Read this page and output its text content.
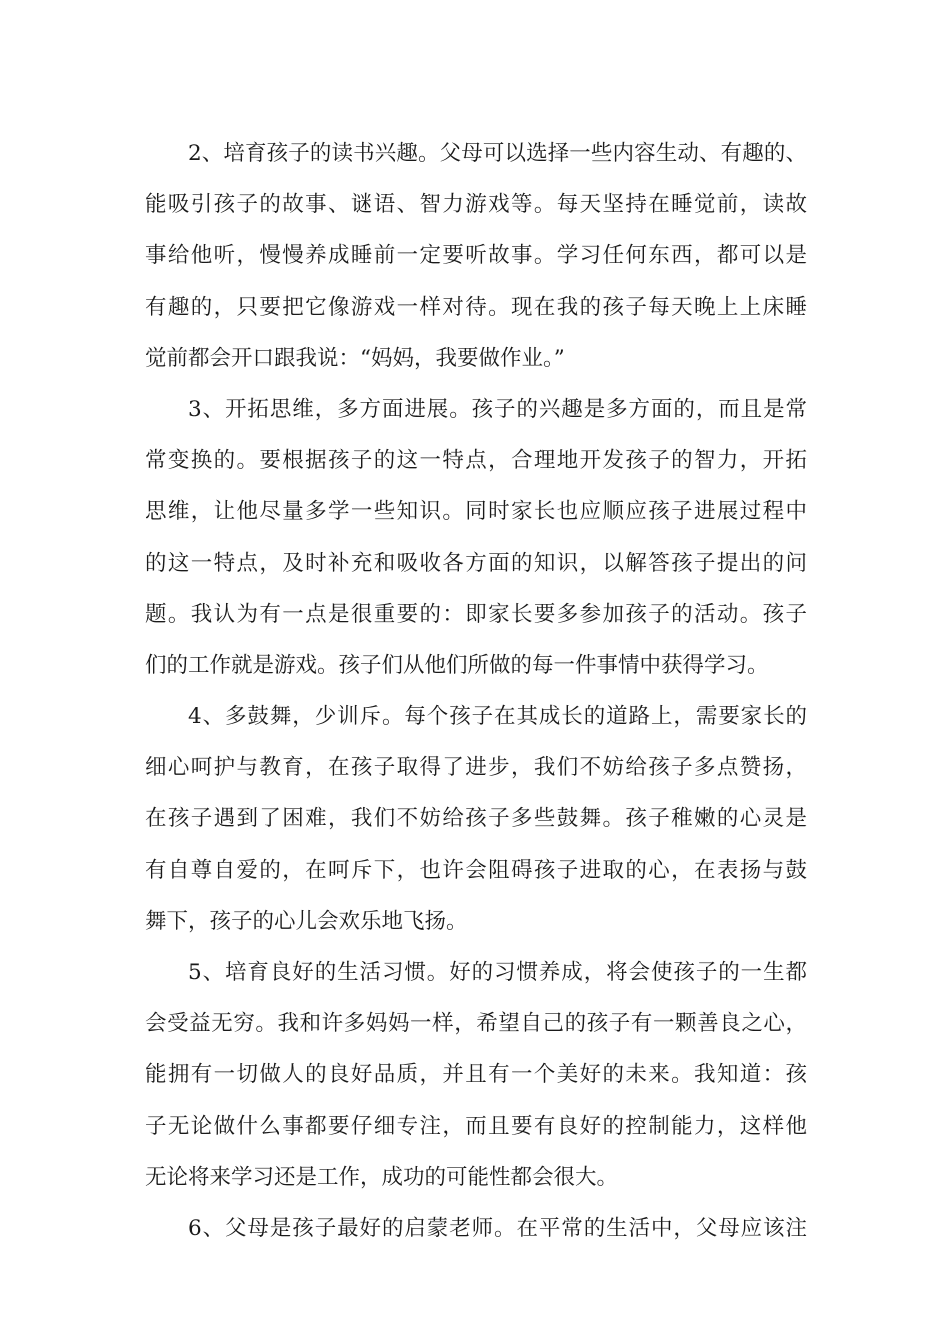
2、培育孩子的读书兴趣。父母可以选择一些内容生动、有趣的、
能吸引孩子的故事、谜语、智力游戏等。每天坚持在睡觉前，读故
事给他听，慢慢养成睡前一定要听故事。学习任何东西，都可以是
有趣的，只要把它像游戏一样对待。现在我的孩子每天晚上上床睡
觉前都会开口跟我说：“妈妈，我要做作业。”
3、开拓思维，多方面进展。孩子的兴趣是多方面的，而且是常
常变换的。要根据孩子的这一特点，合理地开发孩子的智力，开拓
思维，让他尽量多学一些知识。同时家长也应顺应孩子进展过程中
的这一特点，及时补充和吸收各方面的知识，以解答孩子提出的问
题。我认为有一点是很重要的：即家长要多参加孩子的活动。孩子
们的工作就是游戏。孩子们从他们所做的每一件事情中获得学习。
4、多鼓舞，少训斥。每个孩子在其成长的道路上，需要家长的
细心呵护与教育，在孩子取得了进步，我们不妨给孩子多点赞扬，
在孩子遇到了困难，我们不妨给孩子多些鼓舞。孩子稚嫩的心灵是
有自尊自爱的，在呵斥下，也许会阻碍孩子进取的心，在表扬与鼓
舞下，孩子的心儿会欢乐地飞扬。
5、培育良好的生活习惯。好的习惯养成，将会使孩子的一生都
会受益无穷。我和许多妈妈一样，希望自己的孩子有一颗善良之心，
能拥有一切做人的良好品质，并且有一个美好的未来。我知道：孩
子无论做什么事都要仔细专注，而且要有良好的控制能力，这样他
无论将来学习还是工作，成功的可能性都会很大。
6、父母是孩子最好的启蒙老师。在平常的生活中，父母应该注
